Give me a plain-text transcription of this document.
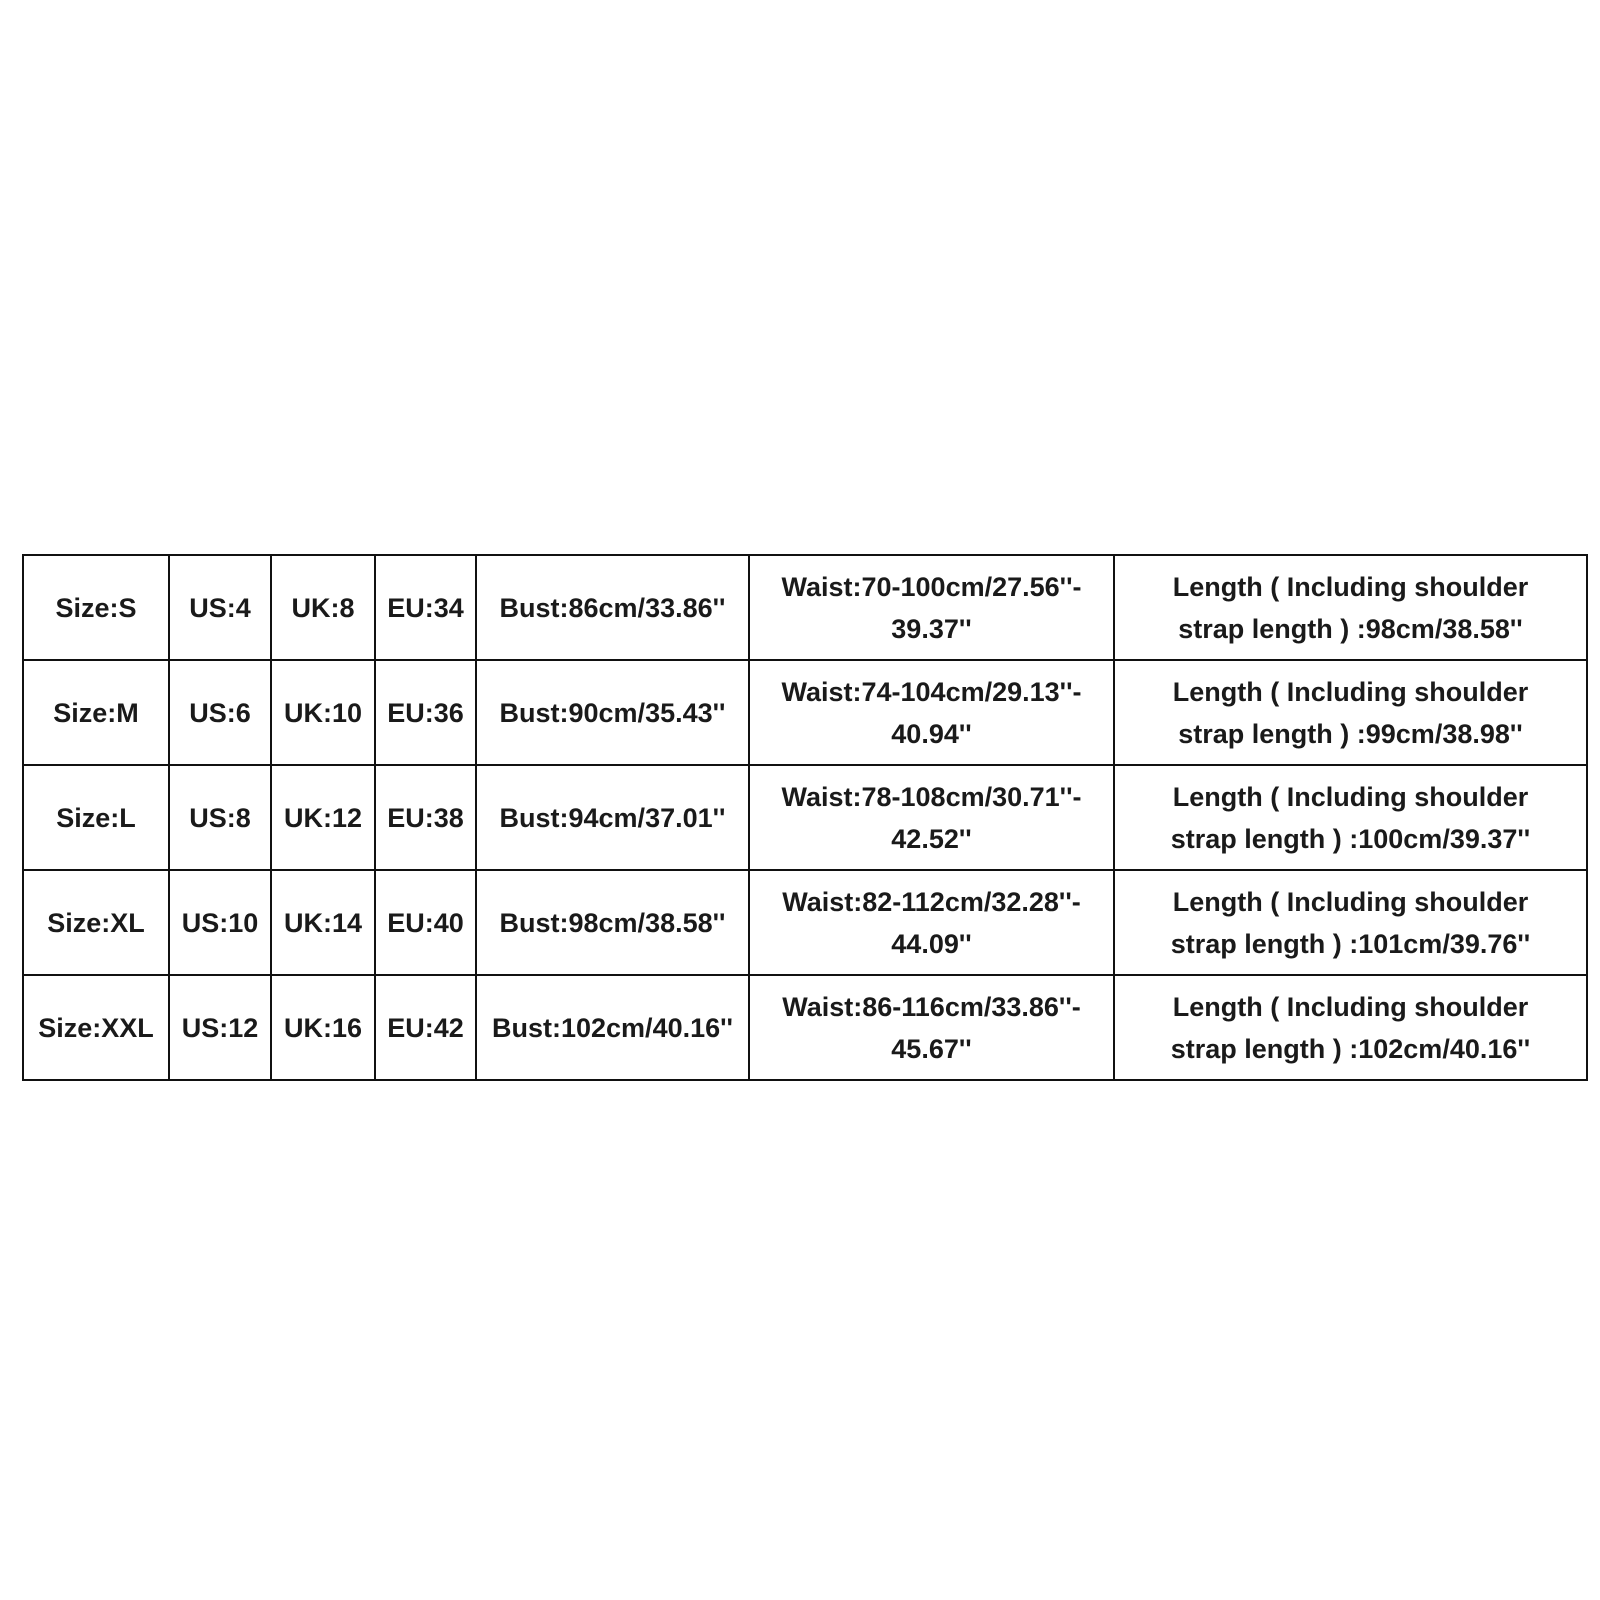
Size:S	US:4	UK:8	EU:34	Bust:86cm/33.86''	Waist:70-100cm/27.56''-
39.37''	Length ( Including shoulder
strap length ) :98cm/38.58''

Size:M	US:6	UK:10	EU:36	Bust:90cm/35.43''	Waist:74-104cm/29.13''-
40.94''	Length ( Including shoulder
strap length ) :99cm/38.98''

Size:L	US:8	UK:12	EU:38	Bust:94cm/37.01''	Waist:78-108cm/30.71''-
42.52''	Length ( Including shoulder
strap length ) :100cm/39.37''

Size:XL	US:10	UK:14	EU:40	Bust:98cm/38.58''	Waist:82-112cm/32.28''-
44.09''	Length ( Including shoulder
strap length ) :101cm/39.76''

Size:XXL	US:12	UK:16	EU:42	Bust:102cm/40.16''	Waist:86-116cm/33.86''-
45.67''	Length ( Including shoulder
strap length ) :102cm/40.16''
